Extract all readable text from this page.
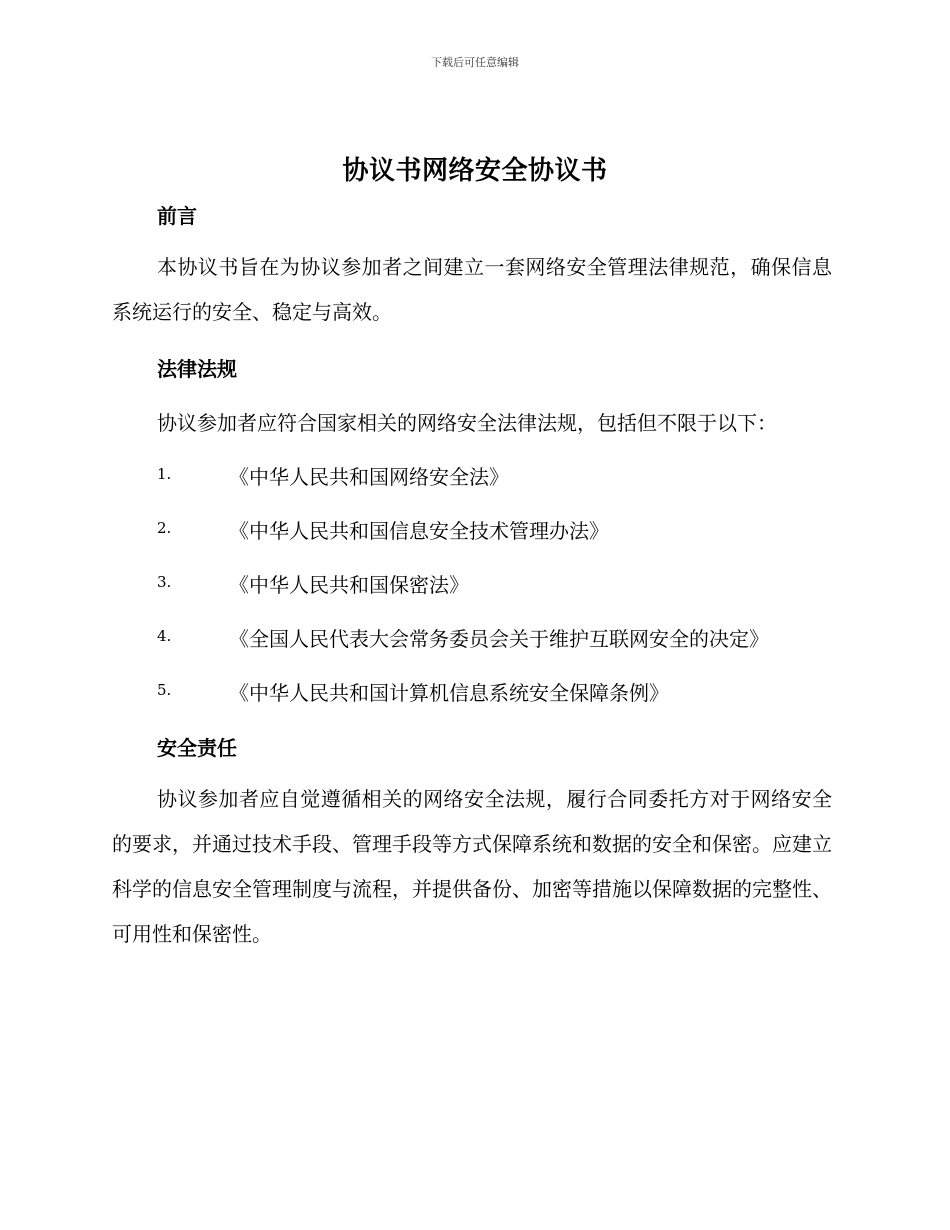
下载后可任意编辑
协议书网络安全协议书
前言
本协议书旨在为协议参加者之间建立一套网络安全管理法律规范，确保信息系统运行的安全、稳定与高效。
法律法规
协议参加者应符合国家相关的网络安全法律法规，包括但不限于以下：
1.	《中华人民共和国网络安全法》
2.	《中华人民共和国信息安全技术管理办法》
3.	《中华人民共和国保密法》
4.	《全国人民代表大会常务委员会关于维护互联网安全的决定》
5.	《中华人民共和国计算机信息系统安全保障条例》
安全责任
协议参加者应自觉遵循相关的网络安全法规，履行合同委托方对于网络安全的要求，并通过技术手段、管理手段等方式保障系统和数据的安全和保密。应建立科学的信息安全管理制度与流程，并提供备份、加密等措施以保障数据的完整性、可用性和保密性。
